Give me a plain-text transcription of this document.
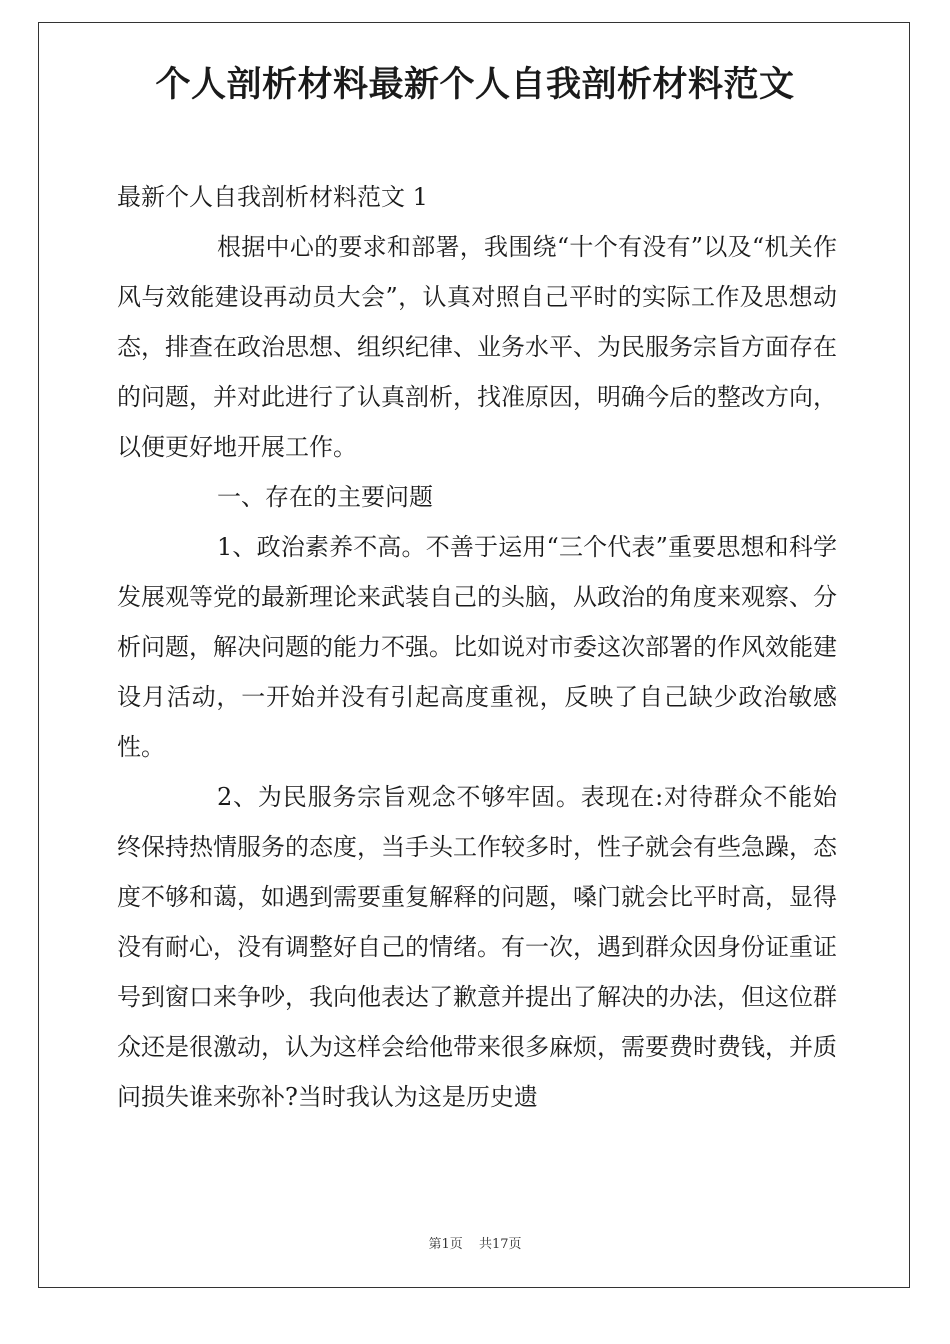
个人剖析材料最新个人自我剖析材料范文

最新个人自我剖析材料范文 1

根据中心的要求和部署，我围绕“十个有没有”以及“机关作风与效能建设再动员大会”，认真对照自己平时的实际工作及思想动态，排查在政治思想、组织纪律、业务水平、为民服务宗旨方面存在的问题，并对此进行了认真剖析，找准原因，明确今后的整改方向，以便更好地开展工作。

一、存在的主要问题

1、政治素养不高。不善于运用“三个代表”重要思想和科学发展观等党的最新理论来武装自己的头脑，从政治的角度来观察、分析问题，解决问题的能力不强。比如说对市委这次部署的作风效能建设月活动，一开始并没有引起高度重视，反映了自己缺少政治敏感性。

2、为民服务宗旨观念不够牢固。表现在:对待群众不能始终保持热情服务的态度，当手头工作较多时，性子就会有些急躁，态度不够和蔼，如遇到需要重复解释的问题，嗓门就会比平时高，显得没有耐心，没有调整好自己的情绪。有一次，遇到群众因身份证重证号到窗口来争吵，我向他表达了歉意并提出了解决的办法，但这位群众还是很激动，认为这样会给他带来很多麻烦，需要费时费钱，并质问损失谁来弥补?当时我认为这是历史遗

第1页 共17页
